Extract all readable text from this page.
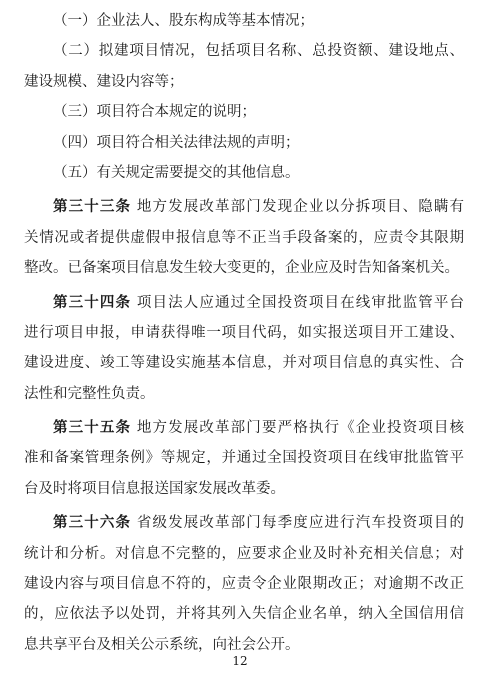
（一）企业法人、股东构成等基本情况；
（二）拟建项目情况，包括项目名称、总投资额、建设地点、
建设规模、建设内容等；
（三）项目符合本规定的说明；
（四）项目符合相关法律法规的声明；
（五）有关规定需要提交的其他信息。
第三十三条 地方发展改革部门发现企业以分拆项目、隐瞒有
关情况或者提供虚假申报信息等不正当手段备案的，应责令其限期
整改。已备案项目信息发生较大变更的，企业应及时告知备案机关。
第三十四条 项目法人应通过全国投资项目在线审批监管平台
进行项目申报，申请获得唯一项目代码，如实报送项目开工建设、
建设进度、竣工等建设实施基本信息，并对项目信息的真实性、合
法性和完整性负责。
第三十五条 地方发展改革部门要严格执行《企业投资项目核
准和备案管理条例》等规定，并通过全国投资项目在线审批监管平
台及时将项目信息报送国家发展改革委。
第三十六条 省级发展改革部门每季度应进行汽车投资项目的
统计和分析。对信息不完整的，应要求企业及时补充相关信息；对
建设内容与项目信息不符的，应责令企业限期改正；对逾期不改正
的，应依法予以处罚，并将其列入失信企业名单，纳入全国信用信
息共享平台及相关公示系统，向社会公开。
12
